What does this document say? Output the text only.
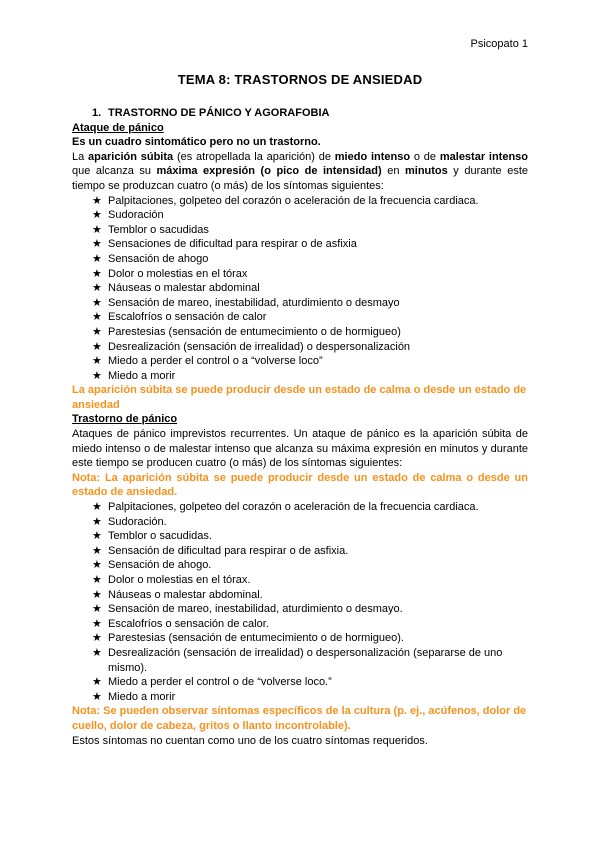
Psicopato 1
TEMA 8: TRASTORNOS DE ANSIEDAD
1. TRASTORNO DE PÁNICO Y AGORAFOBIA
Ataque de pánico
Es un cuadro sintomático pero no un trastorno.

La aparición súbita (es atropellada la aparición) de miedo intenso o de malestar intenso que alcanza su máxima expresión (o pico de intensidad) en minutos y durante este tiempo se produzcan cuatro (o más) de los síntomas siguientes:

★ Palpitaciones, golpeteo del corazón o aceleración de la frecuencia cardiaca.
★ Sudoración
★ Temblor o sacudidas
★ Sensaciones de dificultad para respirar o de asfixia
★ Sensación de ahogo
★ Dolor o molestias en el tórax
★ Náuseas o malestar abdominal
★ Sensación de mareo, inestabilidad, aturdimiento o desmayo
★ Escalofríos o sensación de calor
★ Parestesias (sensación de entumecimiento o de hormigueo)
★ Desrealización (sensación de irrealidad) o despersonalización
★ Miedo a perder el control o a “volverse loco”
★ Miedo a morir

La aparición súbita se puede producir desde un estado de calma o desde un estado de ansiedad

Trastorno de pánico

Ataques de pánico imprevistos recurrentes. Un ataque de pánico es la aparición súbita de miedo intenso o de malestar intenso que alcanza su máxima expresión en minutos y durante este tiempo se producen cuatro (o más) de los síntomas siguientes:

Nota: La aparición súbita se puede producir desde un estado de calma o desde un estado de ansiedad.

★ Palpitaciones, golpeteo del corazón o aceleración de la frecuencia cardiaca.
★ Sudoración.
★ Temblor o sacudidas.
★ Sensación de dificultad para respirar o de asfixia.
★ Sensación de ahogo.
★ Dolor o molestias en el tórax.
★ Náuseas o malestar abdominal.
★ Sensación de mareo, inestabilidad, aturdimiento o desmayo.
★ Escalofríos o sensación de calor.
★ Parestesias (sensación de entumecimiento o de hormigueo).
★ Desrealización (sensación de irrealidad) o despersonalización (separarse de uno mismo).
★ Miedo a perder el control o de “volverse loco.”
★ Miedo a morir

Nota: Se pueden observar síntomas específicos de la cultura (p. ej., acúfenos, dolor de

cuello, dolor de cabeza, gritos o llanto incontrolable).

Estos síntomas no cuentan como uno de los cuatro síntomas requeridos.
